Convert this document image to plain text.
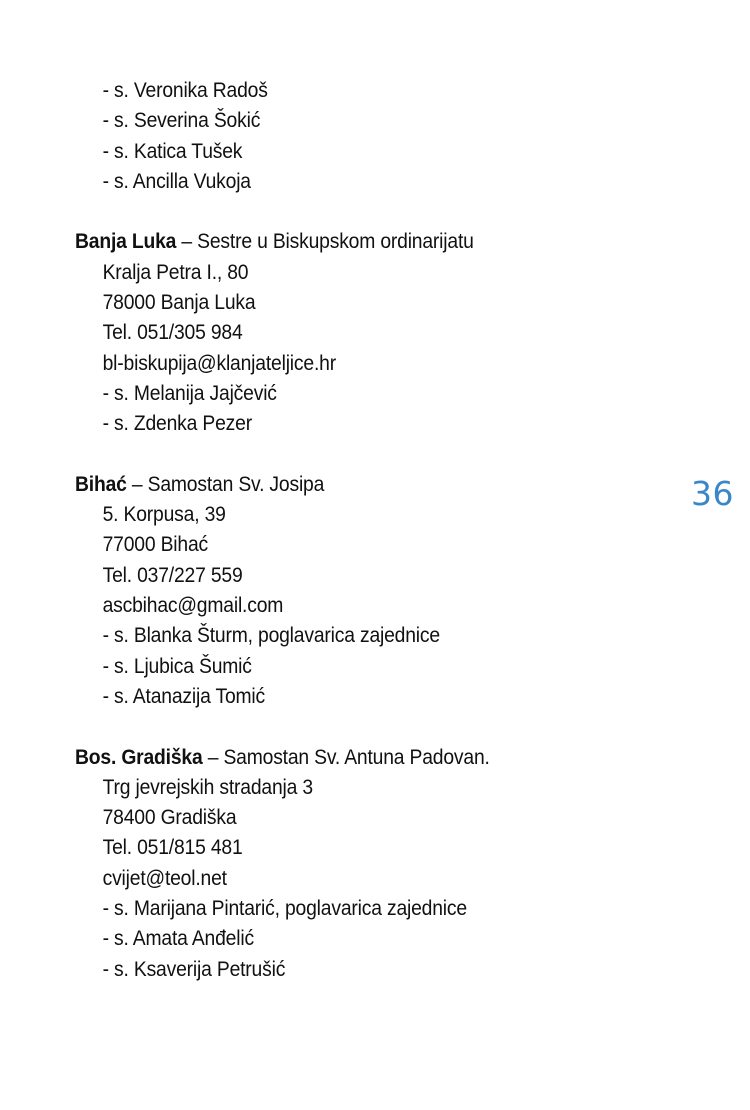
- s. Veronika Radoš
- s. Severina Šokić
- s. Katica Tušek
- s. Ancilla Vukoja
Banja Luka – Sestre u Biskupskom ordinarijatu
Kralja Petra I., 80
78000 Banja Luka
Tel. 051/305 984
bl-biskupija@klanjateljice.hr
- s. Melanija Jajčević
- s. Zdenka Pezer
Bihać – Samostan Sv. Josipa
5. Korpusa, 39
77000 Bihać
Tel. 037/227 559
ascbihac@gmail.com
- s. Blanka Šturm, poglavarica zajednice
- s. Ljubica Šumić
- s. Atanazija Tomić
Bos. Gradiška – Samostan Sv. Antuna Padovan.
Trg jevrejskih stradanja 3
78400 Gradiška
Tel. 051/815 481
cvijet@teol.net
- s. Marijana Pintarić, poglavarica zajednice
- s. Amata Anđelić
- s. Ksaverija Petrušić
36
